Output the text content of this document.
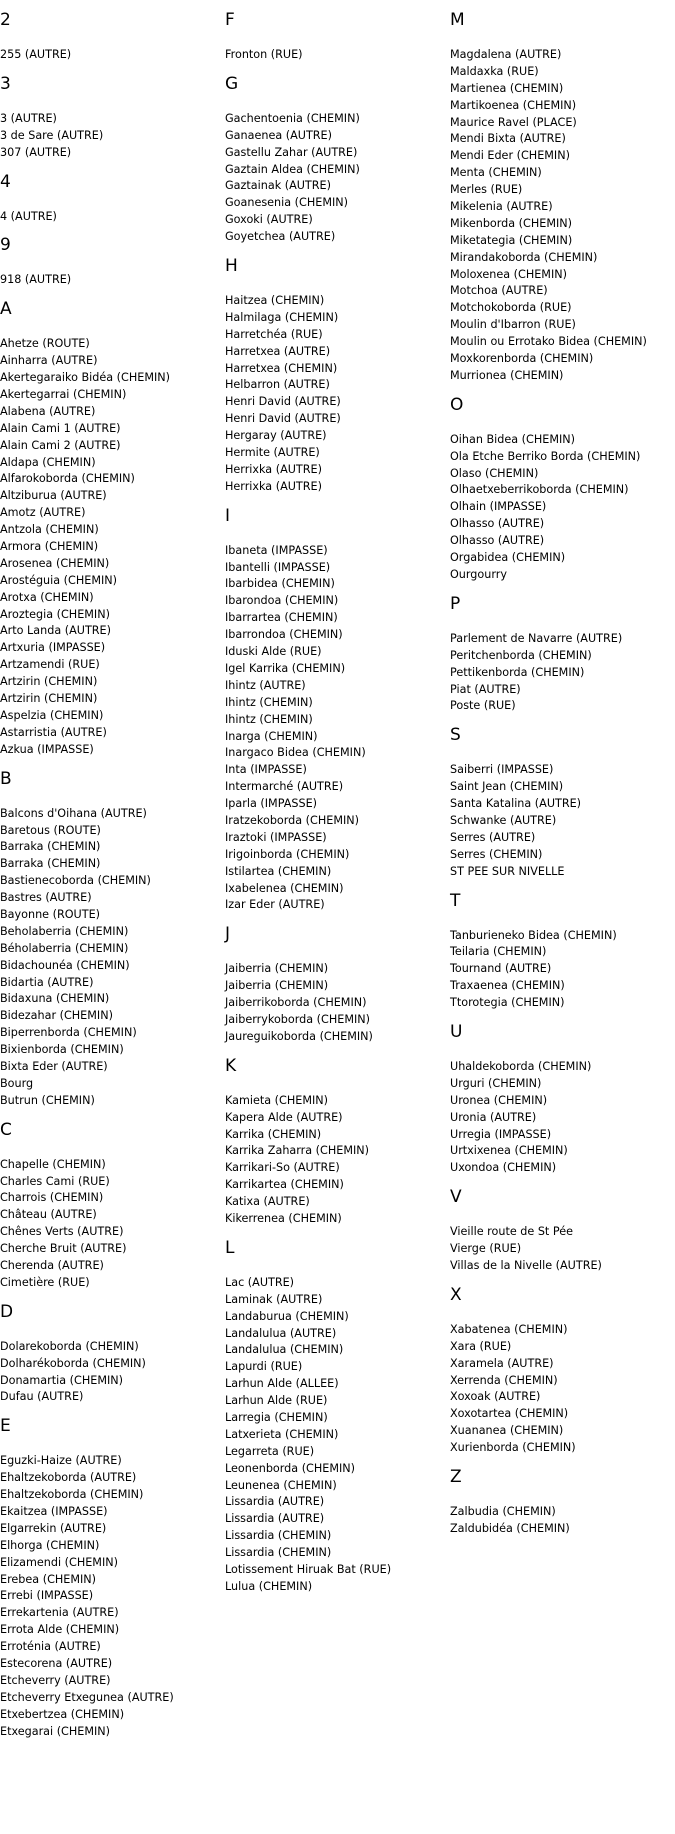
2
255 (AUTRE)
3
3 (AUTRE)
3 de Sare (AUTRE)
307 (AUTRE)
4
4 (AUTRE)
9
918 (AUTRE)
A
Ahetze (ROUTE)
Ainharra (AUTRE)
Akertegaraiko Bidéa (CHEMIN)
Akertegarrai (CHEMIN)
Alabena (AUTRE)
Alain Cami 1 (AUTRE)
Alain Cami 2 (AUTRE)
Aldapa (CHEMIN)
Alfarokoborda (CHEMIN)
Altziburua (AUTRE)
Amotz (AUTRE)
Antzola (CHEMIN)
Armora (CHEMIN)
Arosenea (CHEMIN)
Arostéguia (CHEMIN)
Arotxa (CHEMIN)
Aroztegia (CHEMIN)
Arto Landa (AUTRE)
Artxuria (IMPASSE)
Artzamendi (RUE)
Artzirin (CHEMIN)
Artzirin (CHEMIN)
Aspelzia (CHEMIN)
Astarristia (AUTRE)
Azkua (IMPASSE)
B
Balcons d'Oihana (AUTRE)
Baretous (ROUTE)
Barraka (CHEMIN)
Barraka (CHEMIN)
Bastienecoborda (CHEMIN)
Bastres (AUTRE)
Bayonne (ROUTE)
Beholaberria (CHEMIN)
Béholaberria (CHEMIN)
Bidachounéa (CHEMIN)
Bidartia (AUTRE)
Bidaxuna (CHEMIN)
Bidezahar (CHEMIN)
Biperrenborda (CHEMIN)
Bixienborda (CHEMIN)
Bixta Eder (AUTRE)
Bourg
Butrun (CHEMIN)
C
Chapelle (CHEMIN)
Charles Cami (RUE)
Charrois (CHEMIN)
Château (AUTRE)
Chênes Verts (AUTRE)
Cherche Bruit (AUTRE)
Cherenda (AUTRE)
Cimetière (RUE)
D
Dolarekoborda (CHEMIN)
Dolharékoborda (CHEMIN)
Donamartia (CHEMIN)
Dufau (AUTRE)
E
Eguzki-Haize (AUTRE)
Ehaltzekoborda (AUTRE)
Ehaltzekoborda (CHEMIN)
Ekaitzea (IMPASSE)
Elgarrekin (AUTRE)
Elhorga (CHEMIN)
Elizamendi (CHEMIN)
Erebea (CHEMIN)
Errebi (IMPASSE)
Errekartenia (AUTRE)
Errota Alde (CHEMIN)
Erroténia (AUTRE)
Estecorena (AUTRE)
Etcheverry (AUTRE)
Etcheverry Etxegunea (AUTRE)
Etxebertzea (CHEMIN)
Etxegarai (CHEMIN)
F
Fronton (RUE)
G
Gachentoenia (CHEMIN)
Ganaenea (AUTRE)
Gastellu Zahar (AUTRE)
Gaztain Aldea (CHEMIN)
Gaztainak (AUTRE)
Goanesenia (CHEMIN)
Goxoki (AUTRE)
Goyetchea (AUTRE)
H
Haitzea (CHEMIN)
Halmilaga (CHEMIN)
Harretchéa (RUE)
Harretxea (AUTRE)
Harretxea (CHEMIN)
Helbarron (AUTRE)
Henri David (AUTRE)
Henri David (AUTRE)
Hergaray (AUTRE)
Hermite (AUTRE)
Herrixka (AUTRE)
Herrixka (AUTRE)
I
Ibaneta (IMPASSE)
Ibantelli (IMPASSE)
Ibarbidea (CHEMIN)
Ibarondoa (CHEMIN)
Ibarrartea (CHEMIN)
Ibarrondoa (CHEMIN)
Iduski Alde (RUE)
Igel Karrika (CHEMIN)
Ihintz (AUTRE)
Ihintz (CHEMIN)
Ihintz (CHEMIN)
Inarga (CHEMIN)
Inargaco Bidea (CHEMIN)
Inta (IMPASSE)
Intermarché (AUTRE)
Iparla (IMPASSE)
Iratzekoborda (CHEMIN)
Iraztoki (IMPASSE)
Irigoinborda (CHEMIN)
Istilartea (CHEMIN)
Ixabelenea (CHEMIN)
Izar Eder (AUTRE)
J
Jaiberria (CHEMIN)
Jaiberria (CHEMIN)
Jaiberrikoborda (CHEMIN)
Jaiberrykoborda (CHEMIN)
Jaureguikoborda (CHEMIN)
K
Kamieta (CHEMIN)
Kapera Alde (AUTRE)
Karrika (CHEMIN)
Karrika Zaharra (CHEMIN)
Karrikari-So (AUTRE)
Karrikartea (CHEMIN)
Katixa (AUTRE)
Kikerrenea (CHEMIN)
L
Lac (AUTRE)
Laminak (AUTRE)
Landaburua (CHEMIN)
Landalulua (AUTRE)
Landalulua (CHEMIN)
Lapurdi (RUE)
Larhun Alde (ALLEE)
Larhun Alde (RUE)
Larregia (CHEMIN)
Latxerieta (CHEMIN)
Legarreta (RUE)
Leonenborda (CHEMIN)
Leunenea (CHEMIN)
Lissardia (AUTRE)
Lissardia (AUTRE)
Lissardia (CHEMIN)
Lissardia (CHEMIN)
Lotissement Hiruak Bat (RUE)
Lulua (CHEMIN)
M
Magdalena (AUTRE)
Maldaxka (RUE)
Martienea (CHEMIN)
Martikoenea (CHEMIN)
Maurice Ravel (PLACE)
Mendi Bixta (AUTRE)
Mendi Eder (CHEMIN)
Menta (CHEMIN)
Merles (RUE)
Mikelenia (AUTRE)
Mikenborda (CHEMIN)
Miketategia (CHEMIN)
Mirandakoborda (CHEMIN)
Moloxenea (CHEMIN)
Motchoa (AUTRE)
Motchokoborda (RUE)
Moulin d'Ibarron (RUE)
Moulin ou Errotako Bidea (CHEMIN)
Moxkorenborda (CHEMIN)
Murrionea (CHEMIN)
O
Oihan Bidea (CHEMIN)
Ola Etche Berriko Borda (CHEMIN)
Olaso (CHEMIN)
Olhaetxeberrikoborda (CHEMIN)
Olhain (IMPASSE)
Olhasso (AUTRE)
Olhasso (AUTRE)
Orgabidea (CHEMIN)
Ourgourry
P
Parlement de Navarre (AUTRE)
Peritchenborda (CHEMIN)
Pettikenborda (CHEMIN)
Piat (AUTRE)
Poste (RUE)
S
Saiberri (IMPASSE)
Saint Jean (CHEMIN)
Santa Katalina (AUTRE)
Schwanke (AUTRE)
Serres (AUTRE)
Serres (CHEMIN)
ST PEE SUR NIVELLE
T
Tanburieneko Bidea (CHEMIN)
Teilaria (CHEMIN)
Tournand (AUTRE)
Traxaenea (CHEMIN)
Ttorotegia (CHEMIN)
U
Uhaldekoborda (CHEMIN)
Urguri (CHEMIN)
Uronea (CHEMIN)
Uronia (AUTRE)
Urregia (IMPASSE)
Urtxixenea (CHEMIN)
Uxondoa (CHEMIN)
V
Vieille route de St Pée
Vierge (RUE)
Villas de la Nivelle (AUTRE)
X
Xabatenea (CHEMIN)
Xara (RUE)
Xaramela (AUTRE)
Xerrenda (CHEMIN)
Xoxoak (AUTRE)
Xoxotartea (CHEMIN)
Xuananea (CHEMIN)
Xurienborda (CHEMIN)
Z
Zalbudia (CHEMIN)
Zaldubidéa (CHEMIN)
